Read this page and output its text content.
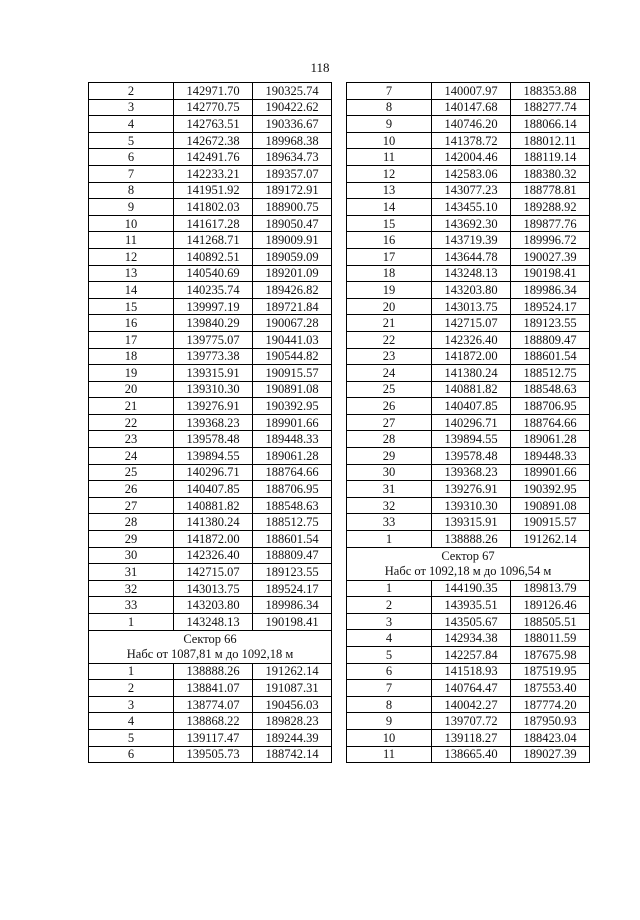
118
2	142971.70	190325.74
3	142770.75	190422.62
4	142763.51	190336.67
5	142672.38	189968.38
6	142491.76	189634.73
7	142233.21	189357.07
8	141951.92	189172.91
9	141802.03	188900.75
10	141617.28	189050.47
11	141268.71	189009.91
12	140892.51	189059.09
13	140540.69	189201.09
14	140235.74	189426.82
15	139997.19	189721.84
16	139840.29	190067.28
17	139775.07	190441.03
18	139773.38	190544.82
19	139315.91	190915.57
20	139310.30	190891.08
21	139276.91	190392.95
22	139368.23	189901.66
23	139578.48	189448.33
24	139894.55	189061.28
25	140296.71	188764.66
26	140407.85	188706.95
27	140881.82	188548.63
28	141380.24	188512.75
29	141872.00	188601.54
30	142326.40	188809.47
31	142715.07	189123.55
32	143013.75	189524.17
33	143203.80	189986.34
1	143248.13	190198.41

Сектор 66
Набс от 1087,81 м до 1092,18 м		

1	138888.26	191262.14
2	138841.07	191087.31
3	138774.07	190456.03
4	138868.22	189828.23
5	139117.47	189244.39
6	139505.73	188742.14
7	140007.97	188353.88
8	140147.68	188277.74
9	140746.20	188066.14
10	141378.72	188012.11
11	142004.46	188119.14
12	142583.06	188380.32
13	143077.23	188778.81
14	143455.10	189288.92
15	143692.30	189877.76
16	143719.39	189996.72
17	143644.78	190027.39
18	143248.13	190198.41
19	143203.80	189986.34
20	143013.75	189524.17
21	142715.07	189123.55
22	142326.40	188809.47
23	141872.00	188601.54
24	141380.24	188512.75
25	140881.82	188548.63
26	140407.85	188706.95
27	140296.71	188764.66
28	139894.55	189061.28
29	139578.48	189448.33
30	139368.23	189901.66
31	139276.91	190392.95
32	139310.30	190891.08
33	139315.91	190915.57
1	138888.26	191262.14

Сектор 67
Набс от 1092,18 м до 1096,54 м		

1	144190.35	189813.79
2	143935.51	189126.46
3	143505.67	188505.51
4	142934.38	188011.59
5	142257.84	187675.98
6	141518.93	187519.95
7	140764.47	187553.40
8	140042.27	187774.20
9	139707.72	187950.93
10	139118.27	188423.04
11	138665.40	189027.39
